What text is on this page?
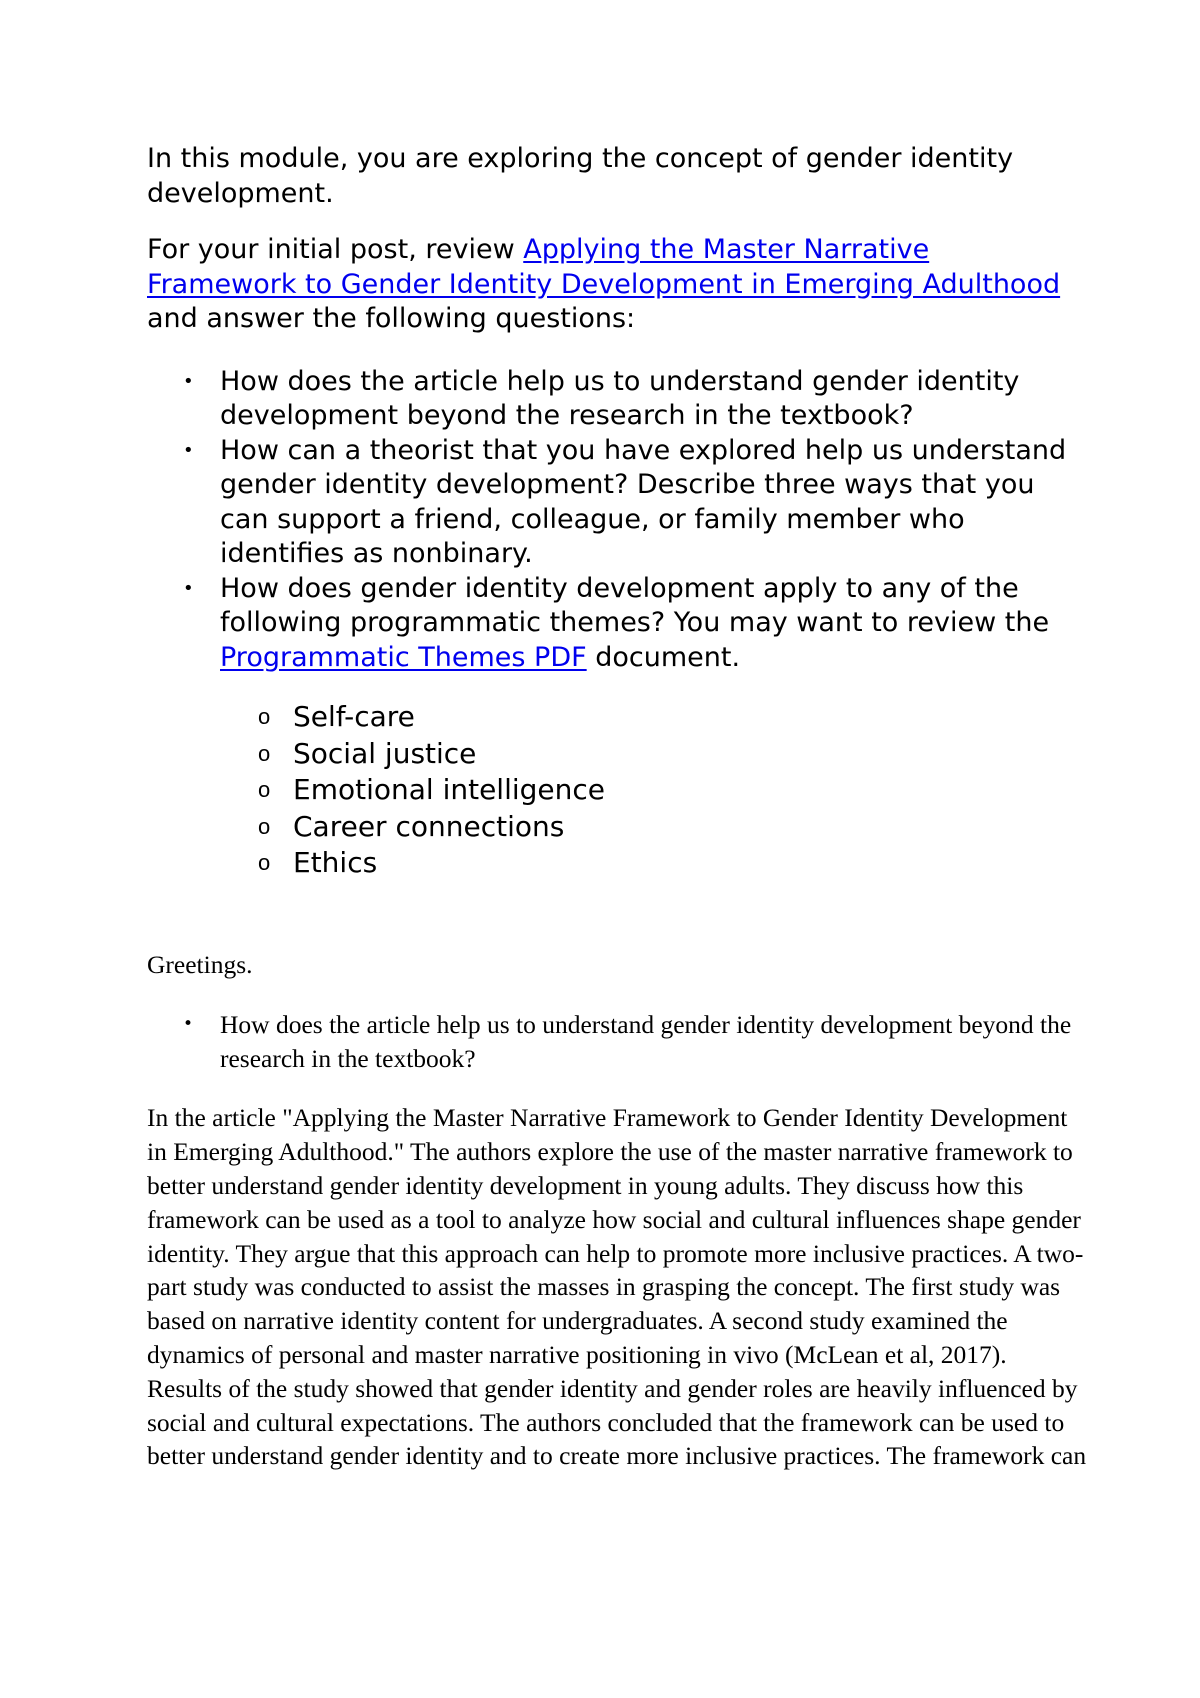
In this module, you are exploring the concept of gender identity development.

For your initial post, review Applying the Master Narrative Framework to Gender Identity Development in Emerging Adulthood and answer the following questions:

• How does the article help us to understand gender identity development beyond the research in the textbook?
• How can a theorist that you have explored help us understand gender identity development? Describe three ways that you can support a friend, colleague, or family member who identifies as nonbinary.
• How does gender identity development apply to any of the following programmatic themes? You may want to review the Programmatic Themes PDF document.
o Self-care
o Social justice
o Emotional intelligence
o Career connections
o Ethics

Greetings.

• How does the article help us to understand gender identity development beyond the research in the textbook?

In the article "Applying the Master Narrative Framework to Gender Identity Development in Emerging Adulthood." The authors explore the use of the master narrative framework to better understand gender identity development in young adults. They discuss how this framework can be used as a tool to analyze how social and cultural influences shape gender identity. They argue that this approach can help to promote more inclusive practices. A two-part study was conducted to assist the masses in grasping the concept. The first study was based on narrative identity content for undergraduates. A second study examined the dynamics of personal and master narrative positioning in vivo (McLean et al, 2017). Results of the study showed that gender identity and gender roles are heavily influenced by social and cultural expectations. The authors concluded that the framework can be used to better understand gender identity and to create more inclusive practices. The framework can
